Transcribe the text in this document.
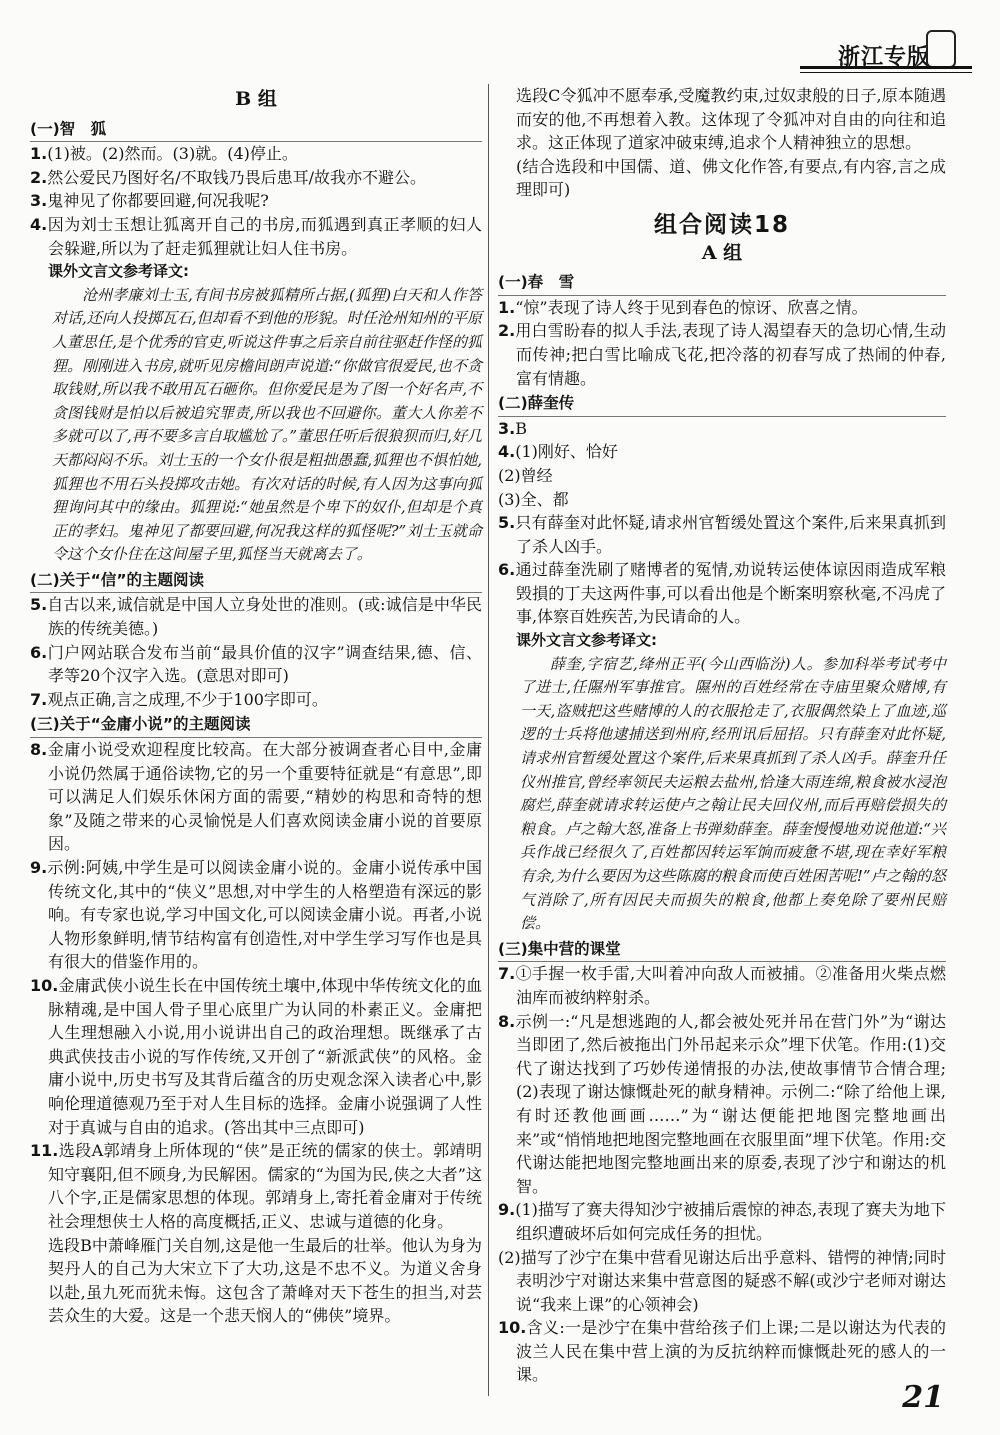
浙江专版
B 组
(一)智　狐
1.(1)被。(2)然而。(3)就。(4)停止。
2.然公爱民乃图好名/不取钱乃畏后患耳/故我亦不避公。
3.鬼神见了你都要回避,何况我呢?
4.因为刘士玉想让狐离开自己的书房,而狐遇到真正孝顺的妇人会躲避,所以为了赶走狐狸就让妇人住书房。
课外文言文参考译文:
沧州孝廉刘士玉,有间书房被狐精所占据,(狐狸)白天和人作答对话,还向人投掷瓦石,但却看不到他的形貌。时任沧州知州的平原人董思任,是个优秀的官吏,听说这件事之后亲自前往驱赶作怪的狐狸。刚刚进入书房,就听见房檐间朗声说道:“你做官很爱民,也不贪取钱财,所以我不敢用瓦石砸你。但你爱民是为了图一个好名声,不贪图钱财是怕以后被追究罪责,所以我也不回避你。董大人你差不多就可以了,再不要多言自取尴尬了。”董思任听后很狼狈而归,好几天都闷闷不乐。刘士玉的一个女仆很是粗拙愚蠢,狐狸也不惧怕她,狐狸也不用石头投掷攻击她。有次对话的时候,有人因为这事向狐狸询问其中的缘由。狐狸说:“她虽然是个卑下的奴仆,但却是个真正的孝妇。鬼神见了都要回避,何况我这样的狐怪呢?”刘士玉就命令这个女仆住在这间屋子里,狐怪当天就离去了。
(二)关于“信”的主题阅读
5.自古以来,诚信就是中国人立身处世的准则。(或:诚信是中华民族的传统美德。)
6.门户网站联合发布当前“最具价值的汉字”调查结果,德、信、孝等20个汉字入选。(意思对即可)
7.观点正确,言之成理,不少于100字即可。
(三)关于“金庸小说”的主题阅读
8.金庸小说受欢迎程度比较高。在大部分被调查者心目中,金庸小说仍然属于通俗读物,它的另一个重要特征就是“有意思”,即可以满足人们娱乐休闲方面的需要,“精妙的构思和奇特的想象”及随之带来的心灵愉悦是人们喜欢阅读金庸小说的首要原因。
9.示例:阿姨,中学生是可以阅读金庸小说的。金庸小说传承中国传统文化,其中的“侠义”思想,对中学生的人格塑造有深远的影响。有专家也说,学习中国文化,可以阅读金庸小说。再者,小说人物形象鲜明,情节结构富有创造性,对中学生学习写作也是具有很大的借鉴作用的。
10.金庸武侠小说生长在中国传统土壤中,体现中华传统文化的血脉精魂,是中国人骨子里心底里广为认同的朴素正义。金庸把人生理想融入小说,用小说讲出自己的政治理想。既继承了古典武侠技击小说的写作传统,又开创了“新派武侠”的风格。金庸小说中,历史书写及其背后蕴含的历史观念深入读者心中,影响伦理道德观乃至于对人生目标的选择。金庸小说强调了人性对于真诚与自由的追求。(答出其中三点即可)
11.选段A郭靖身上所体现的“侠”是正统的儒家的侠士。郭靖明知守襄阳,但不顾身,为民解困。儒家的“为国为民,侠之大者”这八个字,正是儒家思想的体现。郭靖身上,寄托着金庸对于传统社会理想侠士人格的高度概括,正义、忠诚与道德的化身。
选段B中萧峰雁门关自刎,这是他一生最后的壮举。他认为身为契丹人的自己为大宋立下了大功,这是不忠不义。为道义舍身以赴,虽九死而犹未悔。这包含了萧峰对天下苍生的担当,对芸芸众生的大爱。这是一个悲天悯人的“佛侠”境界。
选段C令狐冲不愿奉承,受魔教约束,过奴隶般的日子,原本随遇而安的他,不再想着入教。这体现了令狐冲对自由的向往和追求。这正体现了道家冲破束缚,追求个人精神独立的思想。
(结合选段和中国儒、道、佛文化作答,有要点,有内容,言之成理即可)
组合阅读18
A 组
(一)春　雪
1.“惊”表现了诗人终于见到春色的惊讶、欣喜之情。
2.用白雪盼春的拟人手法,表现了诗人渴望春天的急切心情,生动而传神;把白雪比喻成飞花,把冷落的初春写成了热闹的仲春,富有情趣。
(二)薛奎传
3.B
4.(1)刚好、恰好
(2)曾经
(3)全、都
5.只有薛奎对此怀疑,请求州官暂缓处置这个案件,后来果真抓到了杀人凶手。
6.通过薛奎洗刷了赌博者的冤情,劝说转运使体谅因雨造成军粮毁損的丁夫这两件事,可以看出他是个断案明察秋毫,不冯虎了事,体察百姓疾苦,为民请命的人。
课外文言文参考译文:
薛奎,字宿艺,绛州正平(今山西临汾)人。参加科举考试考中了进士,任隰州军事推官。隰州的百姓经常在寺庙里聚众赌博,有一天,盗贼把这些赌博的人的衣服抢走了,衣服偶然染上了血迹,巡逻的士兵将他逮捕送到州府,经刑讯后屈招。只有薛奎对此怀疑,请求州官暂缓处置这个案件,后来果真抓到了杀人凶手。薛奎升任仪州推官,曾经率领民夫运粮去盐州,恰逢大雨连绵,粮食被水浸泡腐烂,薛奎就请求转运使卢之翰让民夫回仪州,而后再赔偿损失的粮食。卢之翰大怒,准备上书弹劾薛奎。薛奎慢慢地劝说他道:“兴兵作战已经很久了,百姓都因转运军饷而疲惫不堪,现在幸好军粮有余,为什么要因为这些陈腐的粮食而使百姓困苦呢!”卢之翰的怒气消除了,所有因民夫而损失的粮食,他都上奏免除了要州民赔偿。
(三)集中营的课堂
7.①手握一枚手雷,大叫着冲向敌人而被捕。②准备用火柴点燃油库而被纳粹射杀。
8.示例一:“凡是想逃跑的人,都会被处死并吊在营门外”为“谢达当即团了,然后被拖出门外吊起来示众”埋下伏笔。作用:(1)交代了谢达找到了巧妙传递情报的办法,使故事情节合情合理;(2)表现了谢达慷慨赴死的献身精神。示例二:“除了给他上课,有时还教他画画……”为“谢达便能把地图完整地画出来”或“悄悄地把地图完整地画在衣服里面”埋下伏笔。作用:交代谢达能把地图完整地画出来的原委,表现了沙宁和谢达的机智。
9.(1)描写了赛夫得知沙宁被捕后震惊的神态,表现了赛夫为地下组织遭破坏后如何完成任务的担忧。
(2)描写了沙宁在集中营看见谢达后出乎意料、错愕的神情;同时表明沙宁对谢达来集中营意图的疑惑不解(或沙宁老师对谢达说“我来上课”的心领神会)
10.含义:一是沙宁在集中营给孩子们上课;二是以谢达为代表的波兰人民在集中营上演的为反抗纳粹而慷慨赴死的感人的一课。
21
